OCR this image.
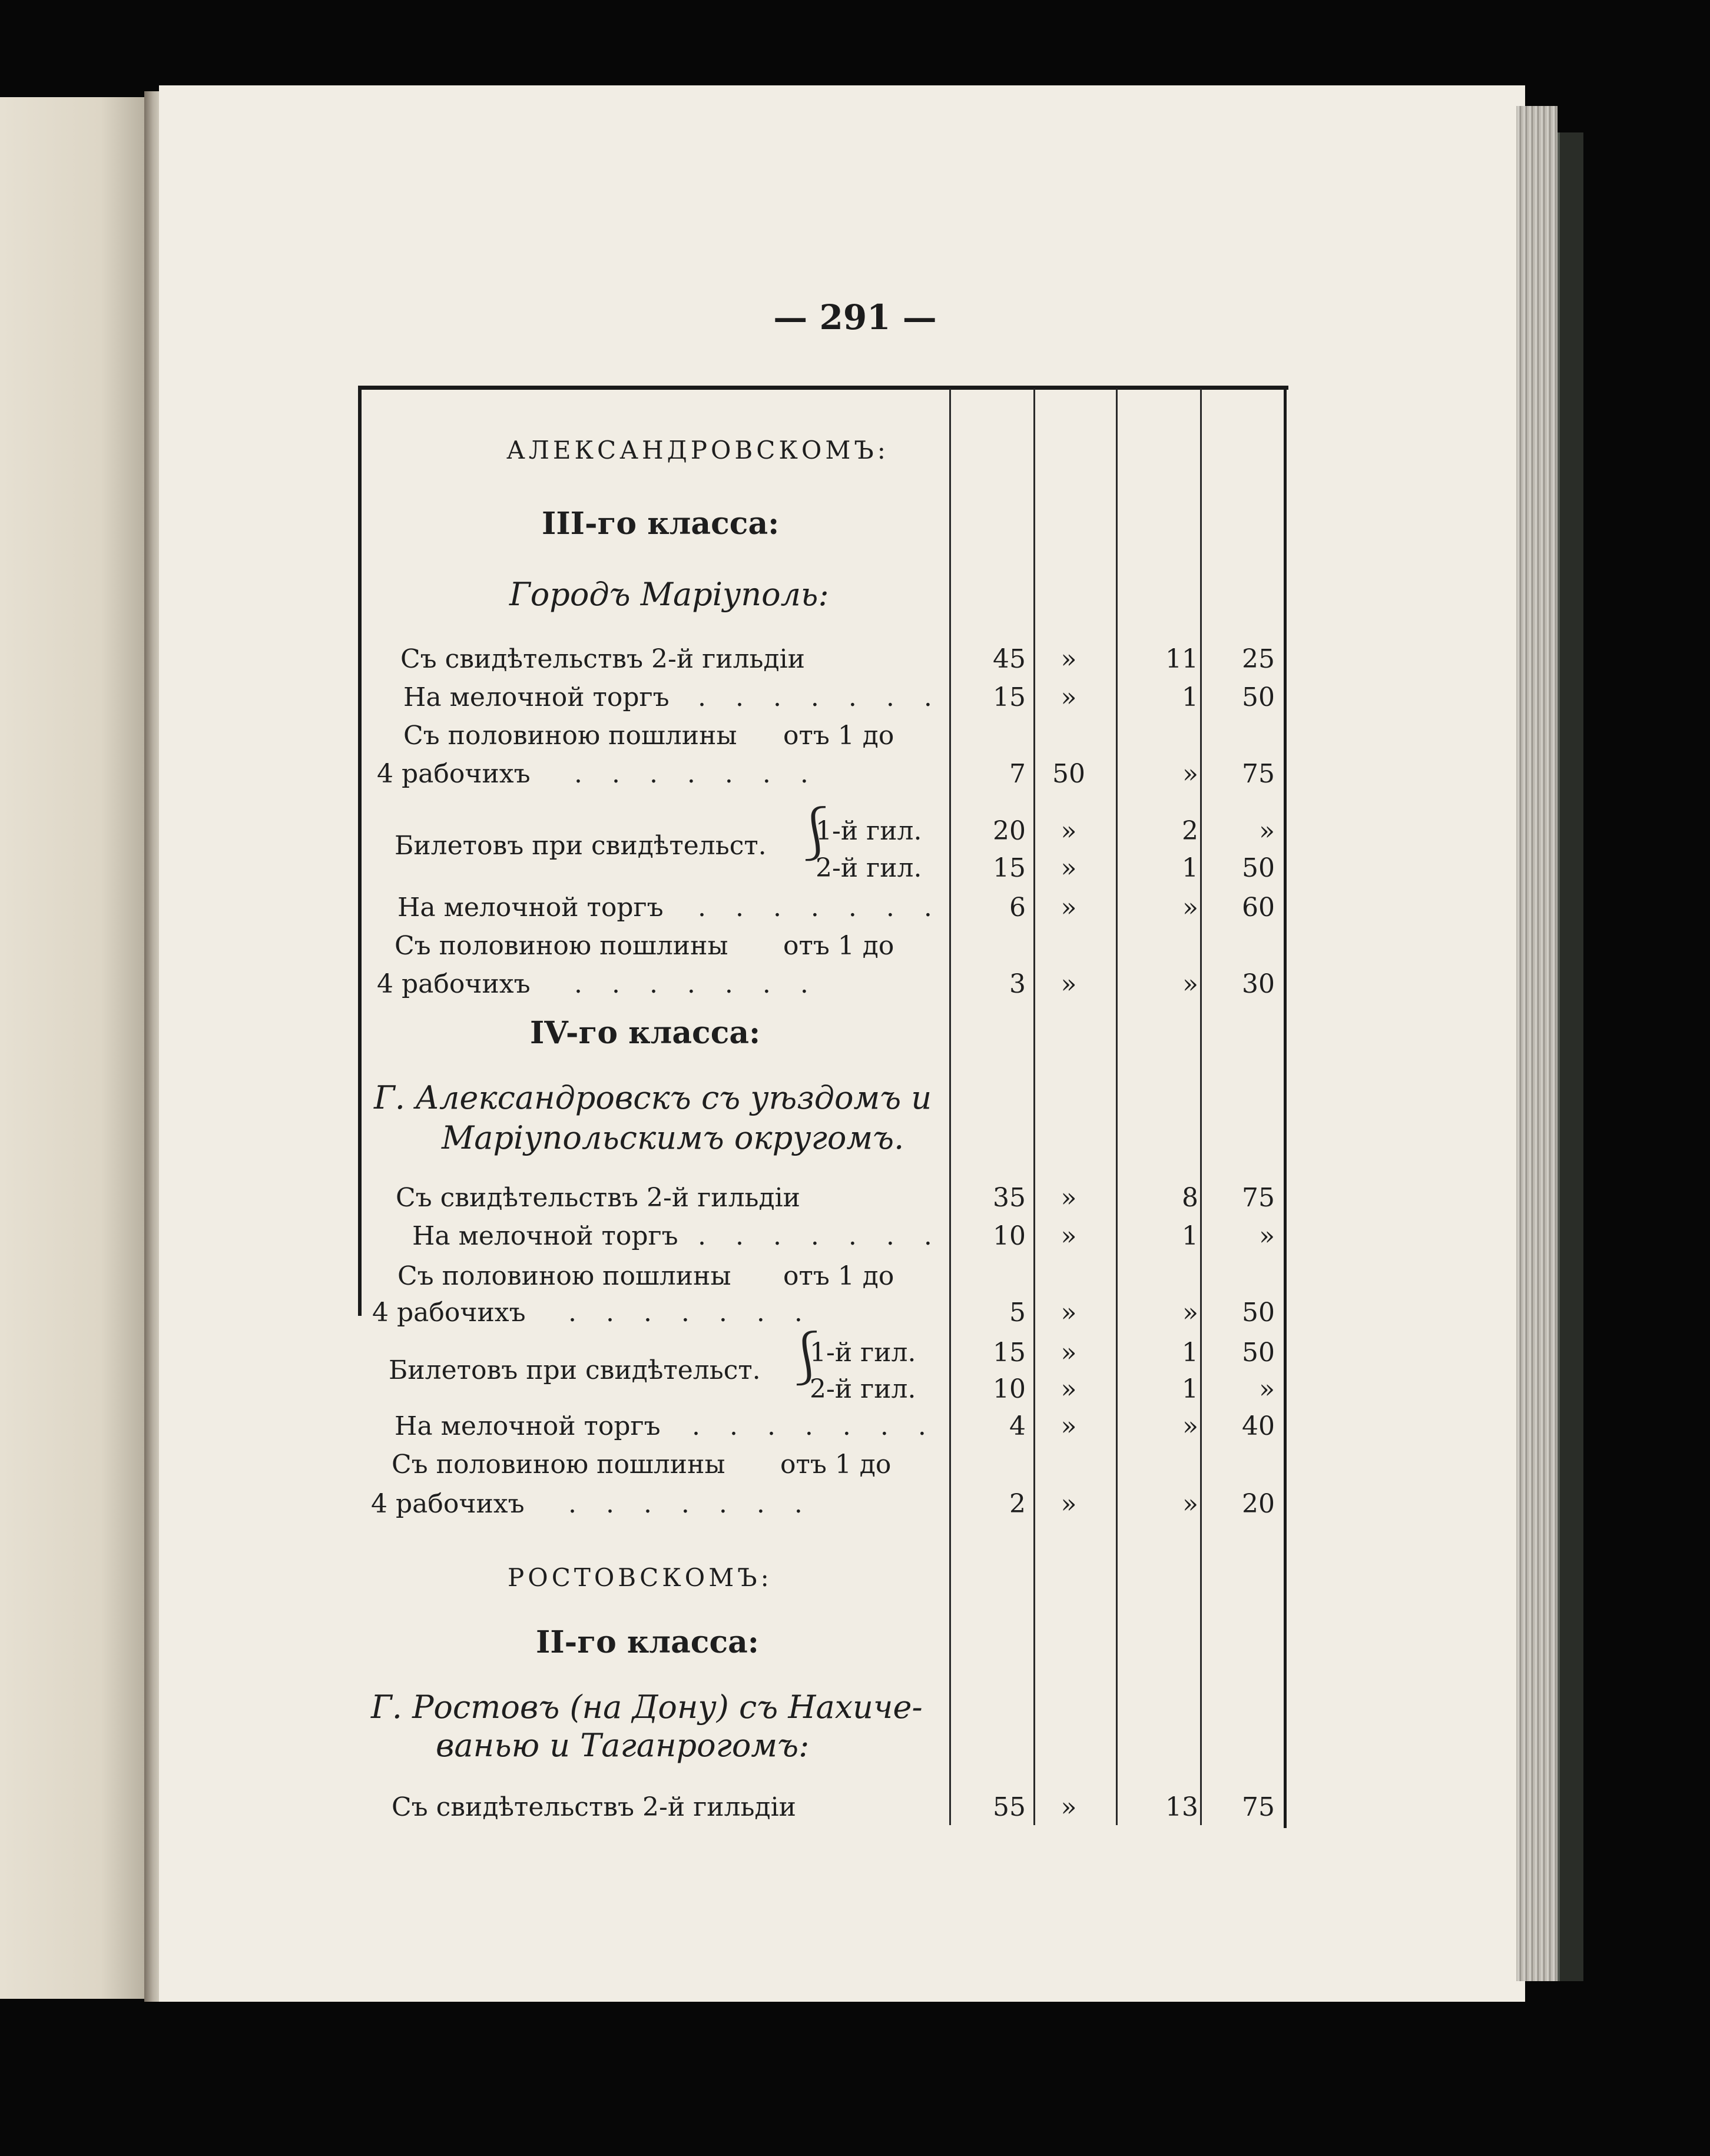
— 291 —
АЛЕКСАНДРОВСКОМЪ:
III-го класса:
Городъ Маріуполь:
Съ свидѣтельствъ 2-й гильдіи	45	»	11	25
На мелочной торгъ . . . . . . .	15	»	1	50
Съ половиною пошлины отъ 1 до
4 рабочихъ . . . . . . .	7	50	»	75
Билетовъ при свидѣтельст. ⎰
1-й гил.	20	»	2	»
2-й гил.	15	»	1	50
На мелочной торгъ . . . . . . .	6	»	»	60
Съ половиною пошлины отъ 1 до
4 рабочихъ . . . . . . .	3	»	»	30
IV-го класса:
Г. Александровскъ съ уѣздомъ и
Маріупольскимъ округомъ.
Съ свидѣтельствъ 2-й гильдіи	35	»	8	75
На мелочной торгъ . . . . . . .	10	»	1	»
Съ половиною пошлины отъ 1 до
4 рабочихъ . . . . . . .	5	»	»	50
Билетовъ при свидѣтельст. ⎰
1-й гил.	15	»	1	50
2-й гил.	10	»	1	»
На мелочной торгъ . . . . . . .	4	»	»	40
Съ половиною пошлины отъ 1 до
4 рабочихъ . . . . . . .	2	»	»	20
РОСТОВСКОМЪ:
II-го класса:
Г. Ростовъ (на Дону) съ Нахиче-
ванью и Таганрогомъ:
Съ свидѣтельствъ 2-й гильдіи	55	»	13	75
